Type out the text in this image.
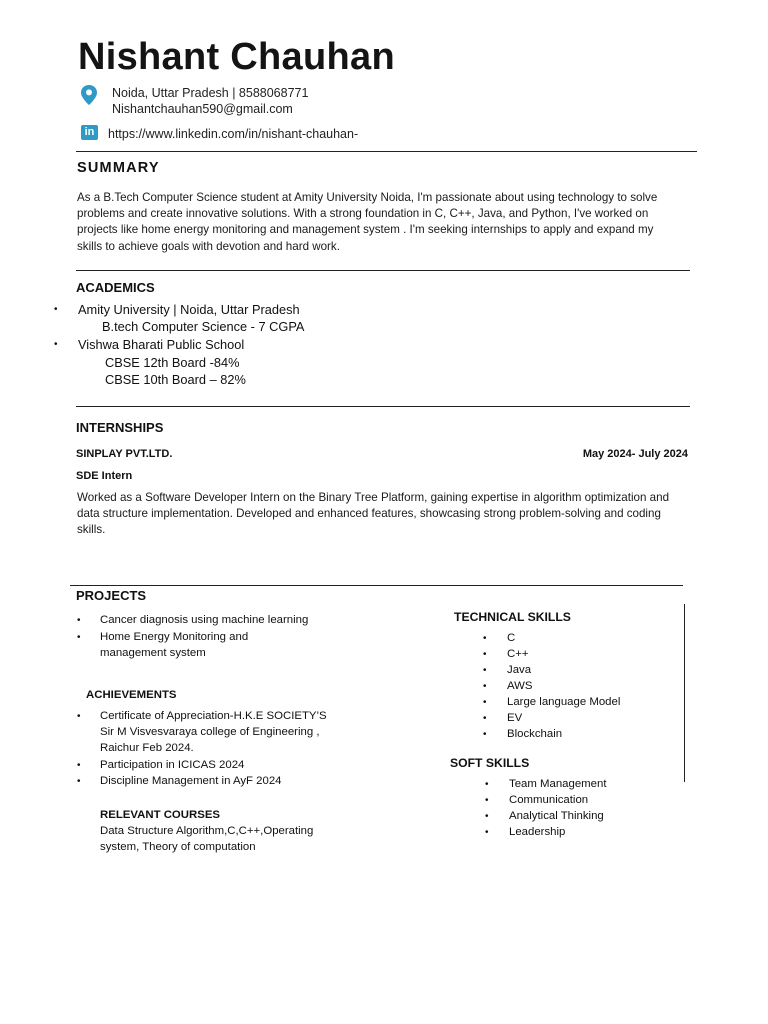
Nishant Chauhan
Noida, Uttar Pradesh | 8588068771
Nishantchauhan590@gmail.com
in https://www.linkedin.com/in/nishant-chauhan-
SUMMARY
As a B.Tech Computer Science student at Amity University Noida, I'm passionate about using technology to solve
problems and create innovative solutions. With a strong foundation in C, C++, Java, and Python, I've worked on
projects like home energy monitoring and management system . I'm seeking internships to apply and expand my
skills to achieve goals with devotion and hard work.
ACADEMICS
• Amity University | Noida, Uttar Pradesh
B.tech Computer Science - 7 CGPA
• Vishwa Bharati Public School
CBSE 12th Board -84%
CBSE 10th Board – 82%
INTERNSHIPS
SINPLAY PVT.LTD.	May 2024- July 2024
SDE Intern
Worked as a Software Developer Intern on the Binary Tree Platform, gaining expertise in algorithm optimization and
data structure implementation. Developed and enhanced features, showcasing strong problem-solving and coding
skills.
PROJECTS
• Cancer diagnosis using machine learning
• Home Energy Monitoring and
management system
ACHIEVEMENTS
• Certificate of Appreciation-H.K.E SOCIETY’S
Sir M Visvesvaraya college of Engineering ,
Raichur Feb 2024.
• Participation in ICICAS 2024
• Discipline Management in AyF 2024
RELEVANT COURSES
Data Structure Algorithm,C,C++,Operating
system, Theory of computation
TECHNICAL SKILLS
• C
• C++
• Java
• AWS
• Large language Model
• EV
• Blockchain
SOFT SKILLS
• Team Management
• Communication
• Analytical Thinking
• Leadership
